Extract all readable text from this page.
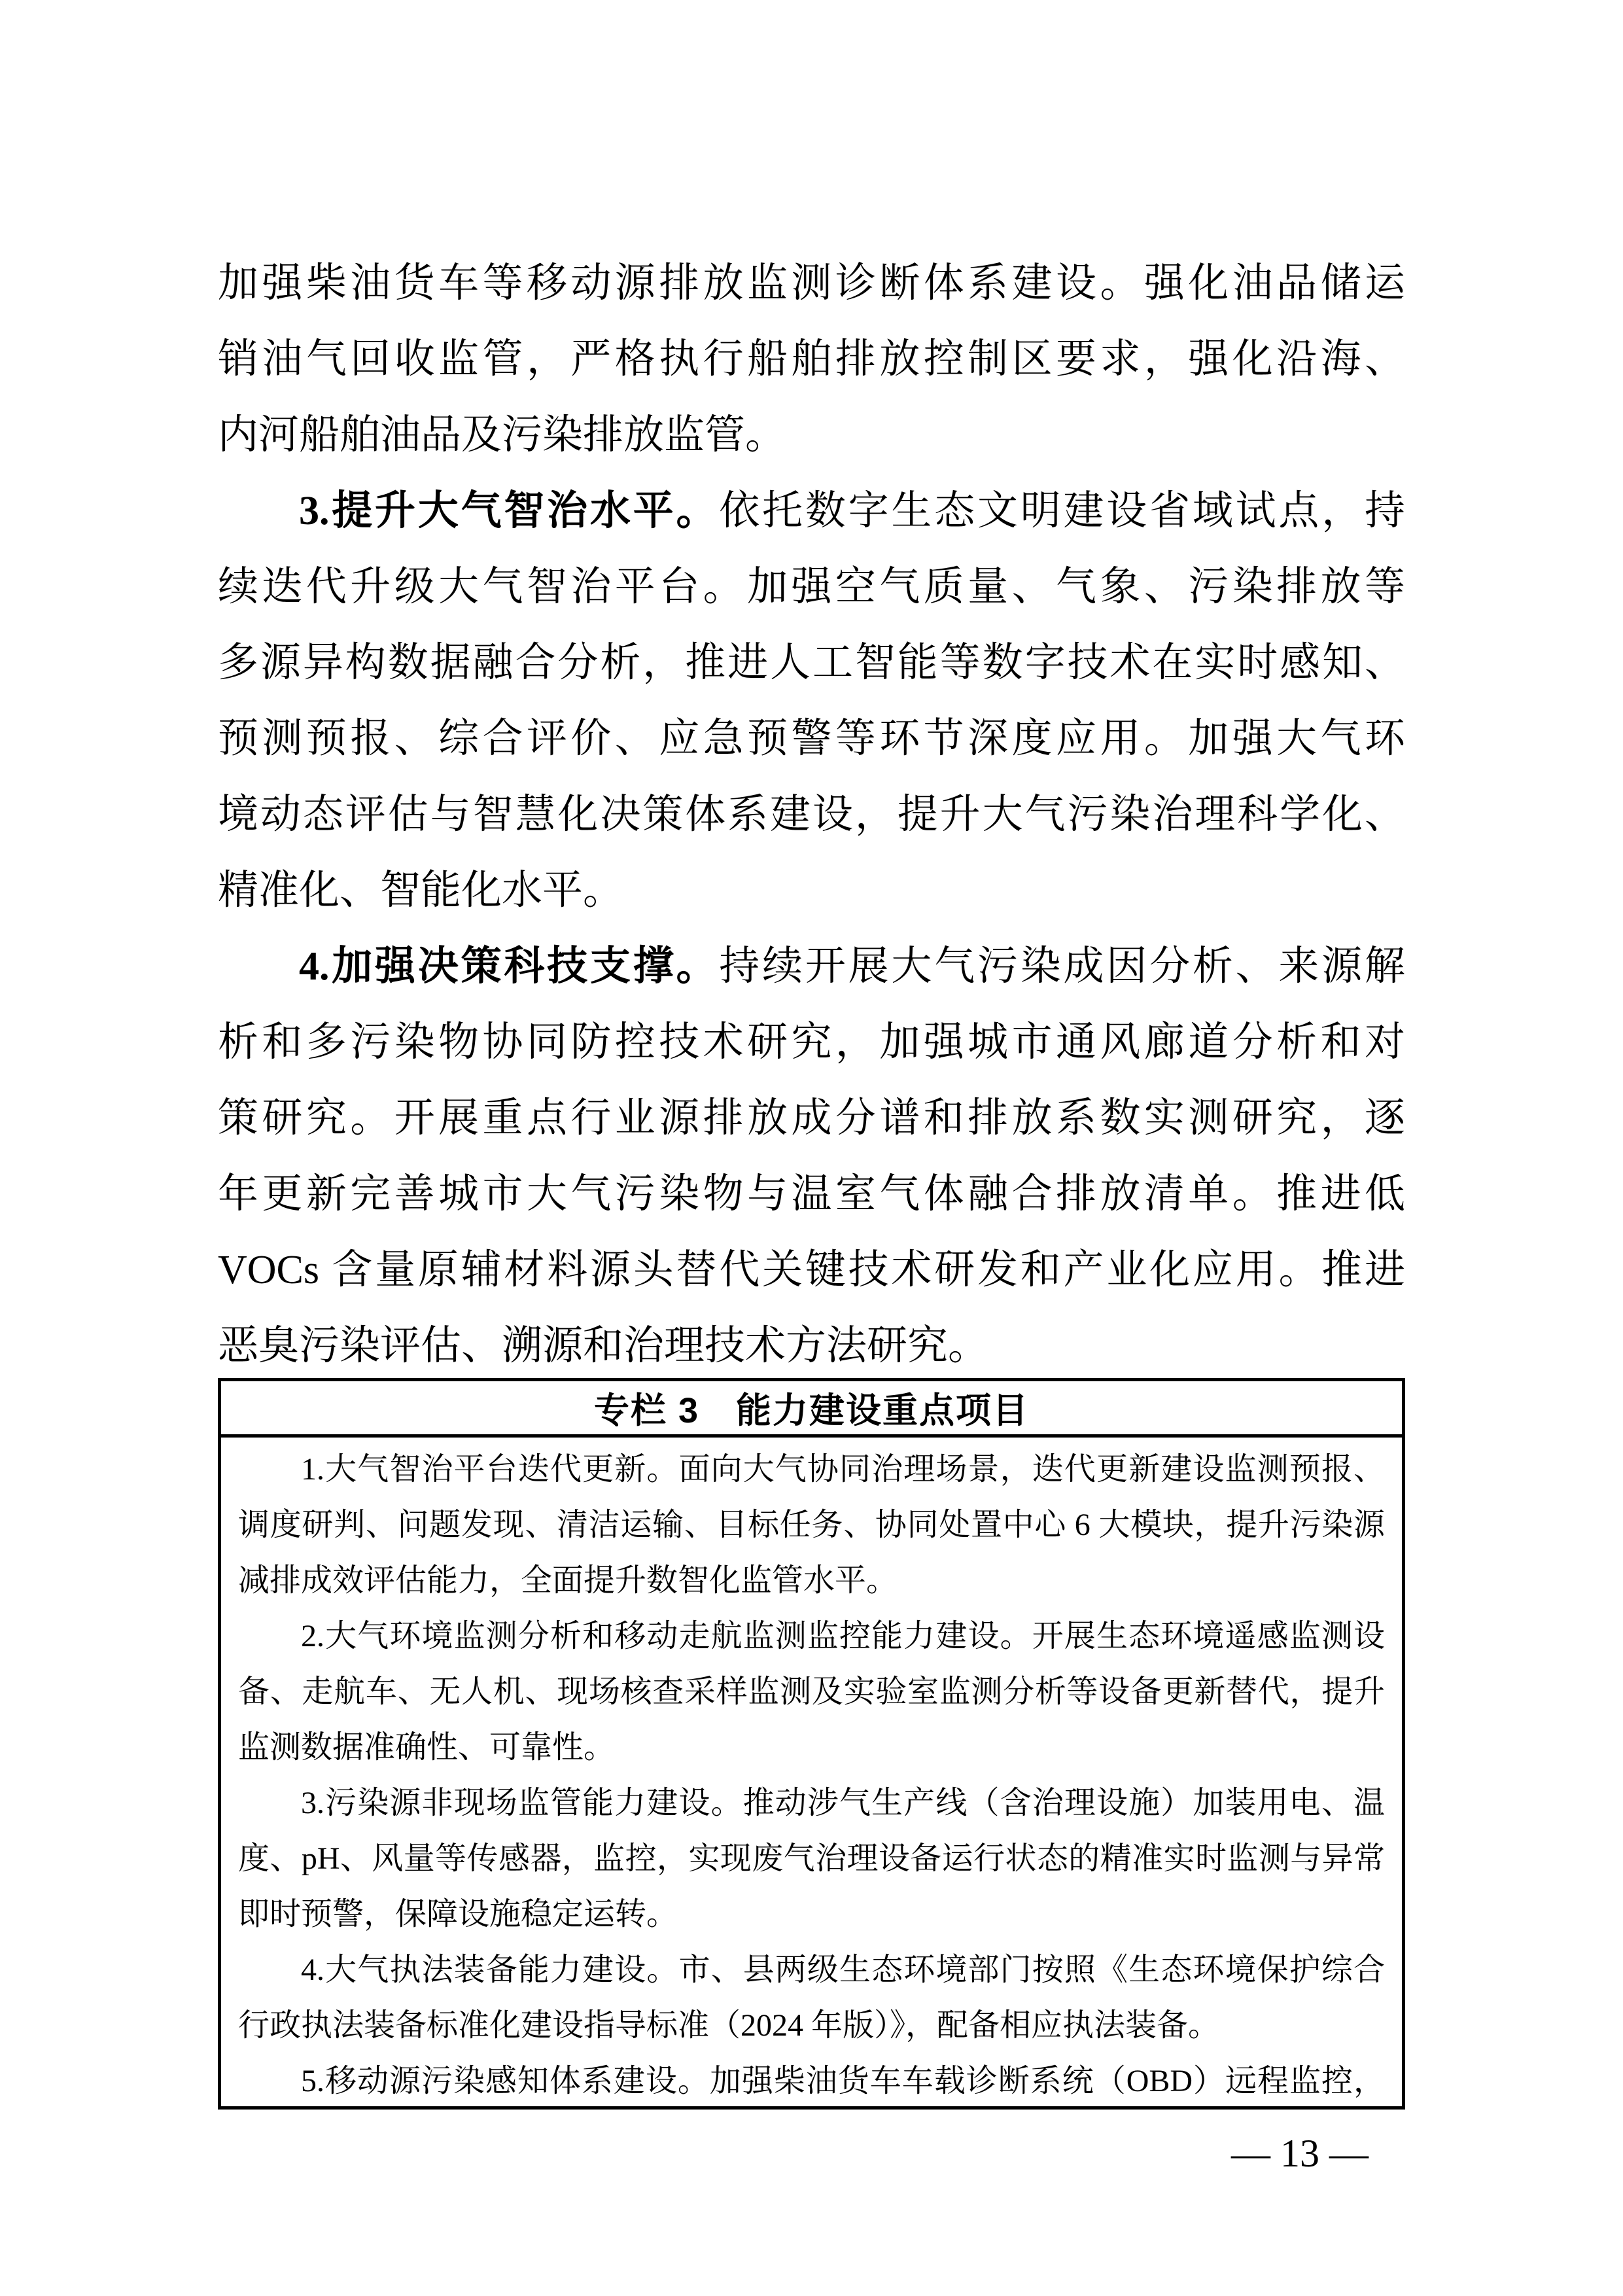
加强柴油货车等移动源排放监测诊断体系建设。强化油品储运
销油气回收监管，严格执行船舶排放控制区要求，强化沿海、
内河船舶油品及污染排放监管。
3.提升大气智治水平。依托数字生态文明建设省域试点，持
续迭代升级大气智治平台。加强空气质量、气象、污染排放等
多源异构数据融合分析，推进人工智能等数字技术在实时感知、
预测预报、综合评价、应急预警等环节深度应用。加强大气环
境动态评估与智慧化决策体系建设，提升大气污染治理科学化、
精准化、智能化水平。
4.加强决策科技支撑。持续开展大气污染成因分析、来源解
析和多污染物协同防控技术研究，加强城市通风廊道分析和对
策研究。开展重点行业源排放成分谱和排放系数实测研究，逐
年更新完善城市大气污染物与温室气体融合排放清单。推进低
VOCs 含量原辅材料源头替代关键技术研发和产业化应用。推进
恶臭污染评估、溯源和治理技术方法研究。
专栏 3　能力建设重点项目
1.大气智治平台迭代更新。面向大气协同治理场景，迭代更新建设监测预报、
调度研判、问题发现、清洁运输、目标任务、协同处置中心 6 大模块，提升污染源
减排成效评估能力，全面提升数智化监管水平。
2.大气环境监测分析和移动走航监测监控能力建设。开展生态环境遥感监测设
备、走航车、无人机、现场核查采样监测及实验室监测分析等设备更新替代，提升
监测数据准确性、可靠性。
3.污染源非现场监管能力建设。推动涉气生产线（含治理设施）加装用电、温
度、pH、风量等传感器，监控，实现废气治理设备运行状态的精准实时监测与异常
即时预警，保障设施稳定运转。
4.大气执法装备能力建设。市、县两级生态环境部门按照《生态环境保护综合
行政执法装备标准化建设指导标准（2024 年版）》，配备相应执法装备。
5.移动源污染感知体系建设。加强柴油货车车载诊断系统（OBD）远程监控，
— 13 —
